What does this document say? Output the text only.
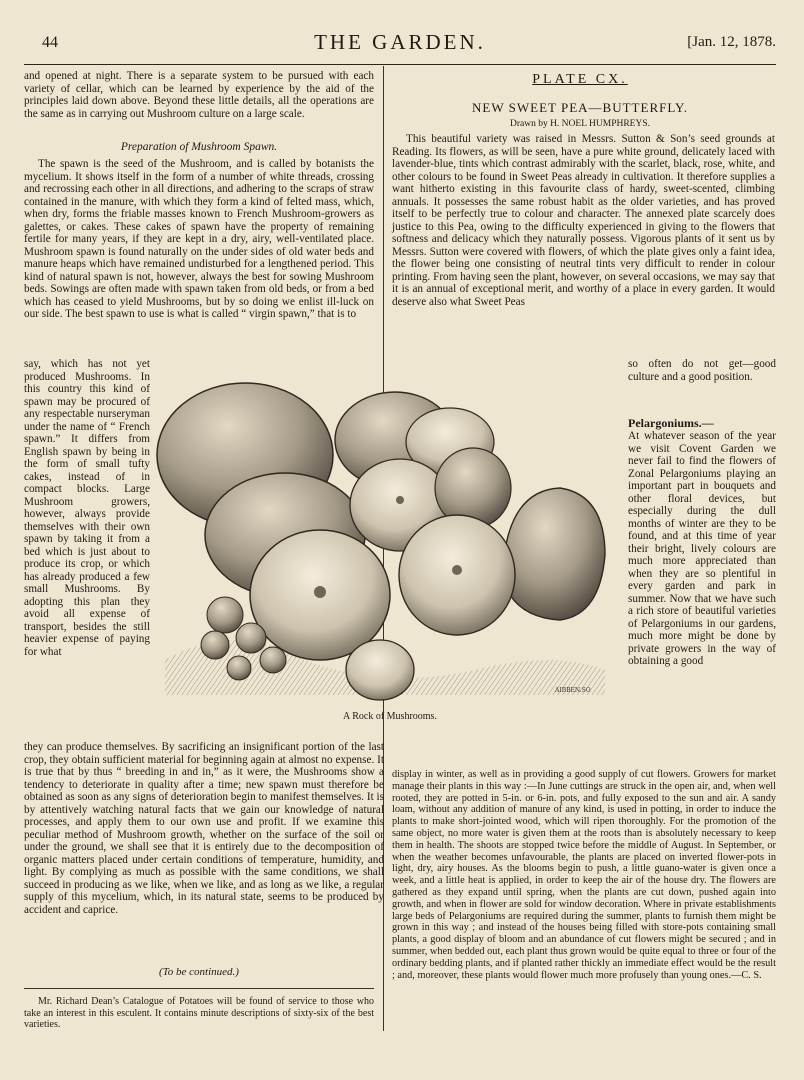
44	THE GARDEN.	[Jan. 12, 1878.

and opened at night. There is a separate system to be pursued with each variety of cellar, which can be learned by experience by the aid of the principles laid down above. Beyond these little details, all the operations are the same as in carrying out Mushroom culture on a large scale.

Preparation of Mushroom Spawn.

The spawn is the seed of the Mushroom, and is called by botanists the mycelium. It shows itself in the form of a number of white threads, crossing and recrossing each other in all directions, and adhering to the scraps of straw contained in the manure, with which they form a kind of felted mass, which, when dry, forms the friable masses known to French Mushroom-growers as galettes, or cakes. These cakes of spawn have the property of remaining fertile for many years, if they are kept in a dry, airy, well-ventilated place. Mushroom spawn is found naturally on the under sides of old water beds and manure heaps which have remained undisturbed for a lengthened period. This kind of natural spawn is not, however, always the best for sowing Mushroom beds. Sowings are often made with spawn taken from old beds, or from a bed which has ceased to yield Mushrooms, but by so doing we enlist ill-luck on our side. The best spawn to use is what is called “ virgin spawn,” that is to

say, which has not yet produced Mushrooms. In this country this kind of spawn may be procured of any respectable nurseryman under the name of “ French spawn.” It differs from English spawn by being in the form of small tufty cakes, instead of in compact blocks. Large Mushroom growers, however, always provide themselves with their own spawn by taking it from a bed which is just about to produce its crop, or which has already produced a few small Mushrooms. By adopting this plan they avoid all expense of transport, besides the still heavier expense of paying for what

they can produce themselves. By sacrificing an insignificant portion of the last crop, they obtain sufficient material for beginning again at almost no expense. It is true that by thus “ breeding in and in,” as it were, the Mushrooms show a tendency to deteriorate in quality after a time; new spawn must therefore be obtained as soon as any signs of deterioration begin to manifest themselves. It is by attentively watching natural facts that we gain our knowledge of natural processes, and apply them to our own use and profit. If we examine this peculiar method of Mushroom growth, whether on the surface of the soil or under the ground, we shall see that it is entirely due to the decomposition of organic matters placed under certain conditions of temperature, humidity, and light. By complying as much as possible with the same conditions, we shall succeed in producing as we like, when we like, and as long as we like, a regular supply of this mycelium, which, in its natural state, seems to be produced by accident and caprice.

(To be continued.)

Mr. Richard Dean’s Catalogue of Potatoes will be found of service to those who take an interest in this esculent. It contains minute descriptions of sixty-six of the best varieties.

PLATE CX.
NEW SWEET PEA—BUTTERFLY.
Drawn by H. NOEL HUMPHREYS.

This beautiful variety was raised in Messrs. Sutton & Son’s seed grounds at Reading. Its flowers, as will be seen, have a pure white ground, delicately laced with lavender-blue, tints which contrast admirably with the scarlet, black, rose, white, and other colours to be found in Sweet Peas already in cultivation. It therefore supplies a want hitherto existing in this favourite class of hardy, sweet-scented, climbing annuals. It possesses the same robust habit as the older varieties, and has proved itself to be perfectly true to colour and character. The annexed plate scarcely does justice to this Pea, owing to the difficulty experienced in giving to the flowers that softness and delicacy which they naturally possess. Vigorous plants of it sent us by Messrs. Sutton were covered with flowers, of which the plate gives only a faint idea, the flower being one consisting of neutral tints very difficult to render in colour printing. From having seen the plant, however, on several occasions, we may say that it is an annual of exceptional merit, and worthy of a place in every garden. It would deserve also what Sweet Peas

so often do not get—good culture and a good position.

Pelargoniums.—

At whatever season of the year we visit Covent Garden we never fail to find the flowers of Zonal Pelargoniums playing an important part in bouquets and other floral devices, but especially during the dull months of winter are they to be found, and at this time of year their bright, lively colours are much more appreciated than when they are so plentiful in every garden and park in summer. Now that we have such a rich store of beautiful varieties of Pelargoniums in our gardens, much more might be done by private growers in the way of obtaining a good

display in winter, as well as in providing a good supply of cut flowers. Growers for market manage their plants in this way :—In June cuttings are struck in the open air, and, when well rooted, they are potted in 5-in. or 6-in. pots, and fully exposed to the sun and air. A sandy loam, without any addition of manure of any kind, is used in potting, in order to induce the plants to make short-jointed wood, which will ripen thoroughly. For the promotion of the same object, no more water is given them at the roots than is absolutely necessary to keep them in health. The shoots are stopped twice before the middle of August. In September, or when the weather becomes unfavourable, the plants are placed on inverted flower-pots in light, dry, airy houses. As the blooms begin to push, a little guano-water is given once a week, and a little heat is applied, in order to keep the air of the house dry. The flowers are gathered as they expand until spring, when the plants are cut down, pushed again into growth, and when in flower are sold for window decoration. Where in private establishments large beds of Pelargoniums are required during the summer, plants to furnish them might be grown in this way ; and instead of the houses being filled with store-pots containing small plants, a good display of bloom and an abundance of cut flowers might be secured ; and in summer, when bedded out, each plant thus grown would be quite equal to three or four of the ordinary bedding plants, and if planted rather thickly an immediate effect would be the result ; and, moreover, these plants would flower much more profusely than young ones.—C. S.

AIBBEN.SO
A Rock of Mushrooms.
